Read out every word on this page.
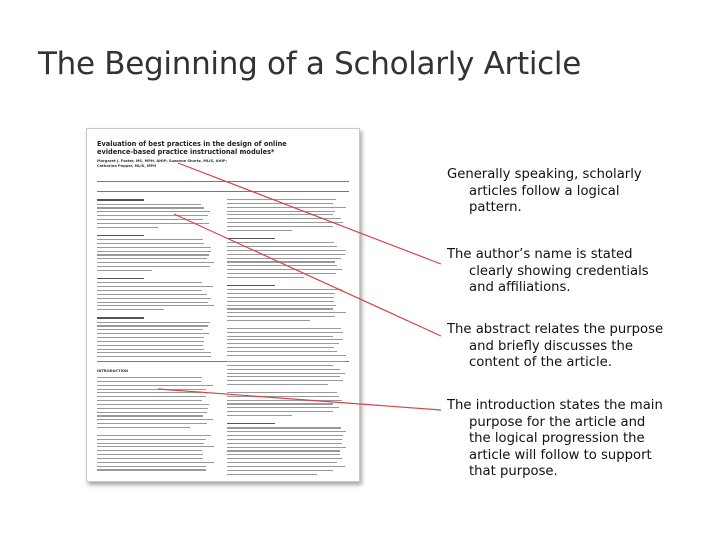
The Beginning of a Scholarly Article
Evaluation of best practices in the design of online
evidence-based practice instructional modules*
Margaret J. Foster, MS, MPH, AHIP; Suzanne Shurtz, MLIS, AHIP;
Catharine Pepper, MLIS, MPH
INTRODUCTION
Generally speaking, scholarly
articles follow a logical
pattern.
The author’s name is stated
clearly showing credentials
and affiliations.
The abstract relates the purpose
and briefly discusses the
content of the article.
The introduction states the main
purpose for the article and
the logical progression the
article will follow to support
that purpose.
